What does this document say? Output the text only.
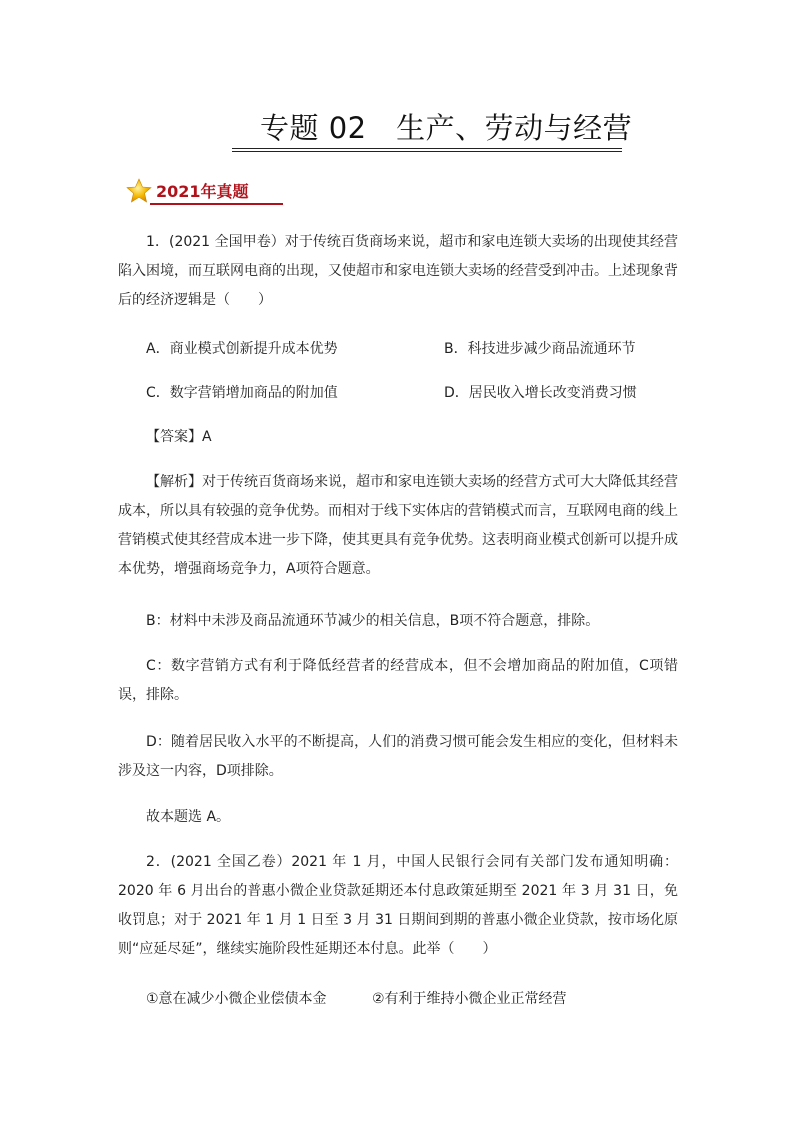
专题 02　生产、劳动与经营
2021年真题
1．(2021 全国甲卷）对于传统百货商场来说，超市和家电连锁大卖场的出现使其经营陷入困境，而互联网电商的出现，又使超市和家电连锁大卖场的经营受到冲击。上述现象背后的经济逻辑是（　　）
A．商业模式创新提升成本优势	B．科技进步减少商品流通环节
C．数字营销增加商品的附加值	D．居民收入增长改变消费习惯
【答案】A
【解析】对于传统百货商场来说，超市和家电连锁大卖场的经营方式可大大降低其经营成本，所以具有较强的竞争优势。而相对于线下实体店的营销模式而言，互联网电商的线上营销模式使其经营成本进一步下降，使其更具有竞争优势。这表明商业模式创新可以提升成本优势，增强商场竞争力，A项符合题意。
B：材料中未涉及商品流通环节减少的相关信息，B项不符合题意，排除。
C：数字营销方式有利于降低经营者的经营成本，但不会增加商品的附加值，C项错误，排除。
D：随着居民收入水平的不断提高，人们的消费习惯可能会发生相应的变化，但材料未涉及这一内容，D项排除。
故本题选 A。
2．(2021 全国乙卷）2021 年 1 月，中国人民银行会同有关部门发布通知明确：2020 年 6 月出台的普惠小微企业贷款延期还本付息政策延期至 2021 年 3 月 31 日，免收罚息；对于 2021 年 1 月 1 日至 3 月 31 日期间到期的普惠小微企业贷款，按市场化原则“应延尽延”，继续实施阶段性延期还本付息。此举（　　）
①意在减少小微企业偿债本金	②有利于维持小微企业正常经营
